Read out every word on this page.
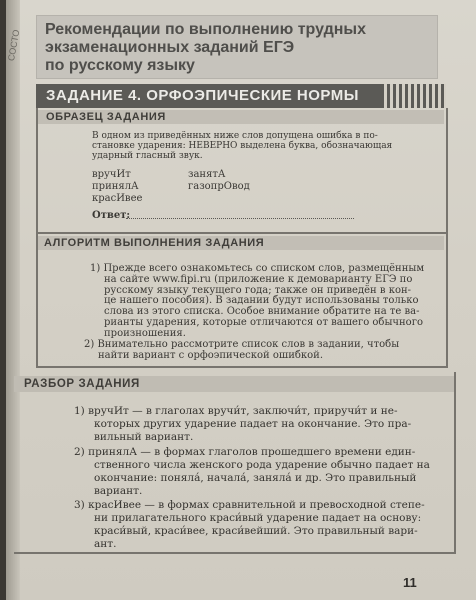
СОСТО Рекомендации по выполнению трудных
экзаменационных заданий ЕГЭ
по русскому языку
ЗАДАНИЕ 4. ОРФОЭПИЧЕСКИЕ НОРМЫ
ОБРАЗЕЦ ЗАДАНИЯ
В одном из приведённых ниже слов допущена ошибка в по-
становке ударения: НЕВЕРНО выделена буква, обозначающая
ударный гласный звук.
вручИт
принялА
красИвее
занятА
газопрОвод
Ответ:
АЛГОРИТМ ВЫПОЛНЕНИЯ ЗАДАНИЯ
1) Прежде всего ознакомьтесь со списком слов, размещённым
на сайте www.fipi.ru (приложение к демоварианту ЕГЭ по
русскому языку текущего года; также он приведён в кон-
це нашего пособия). В задании будут использованы только
слова из этого списка. Особое внимание обратите на те ва-
рианты ударения, которые отличаются от вашего обычного
произношения.
2) Внимательно рассмотрите список слов в задании, чтобы
найти вариант с орфоэпической ошибкой.
РАЗБОР ЗАДАНИЯ
1) вручИт — в глаголах вручи́т, заключи́т, приручи́т и не-
которых других ударение падает на окончание. Это пра-
вильный вариант.
2) принялА — в формах глаголов прошедшего времени един-
ственного числа женского рода ударение обычно падает на
окончание: поняла́, начала́, заняла́ и др. Это правильный
вариант.
3) красИвее — в формах сравнительной и превосходной степе-
ни прилагательного краси́вый ударение падает на основу:
краси́вый, краси́вее, краси́вейший. Это правильный вари-
ант.
11
